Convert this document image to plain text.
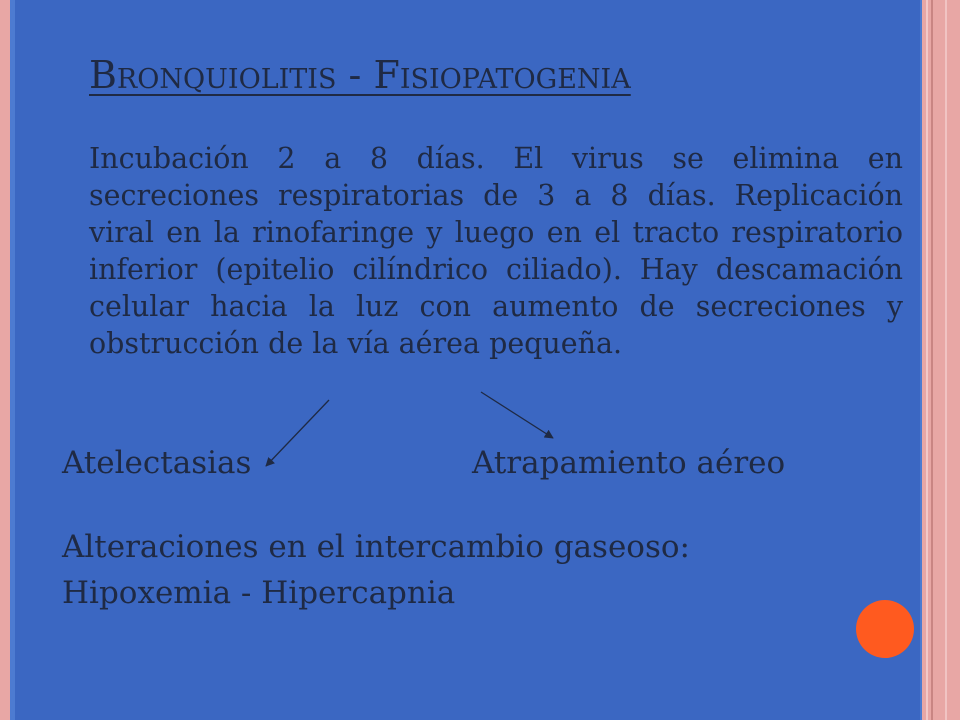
Bronquiolitis - Fisiopatogenia
Incubación 2 a 8 días. El virus se elimina en secreciones respiratorias de 3 a 8 días. Replicación viral en la rinofaringe y luego en el tracto respiratorio inferior (epitelio cilíndrico ciliado). Hay descamación celular hacia la luz con aumento de secreciones y obstrucción de la vía aérea pequeña.
Atelectasias	Atrapamiento aéreo
Alteraciones en el intercambio gaseoso:
Hipoxemia - Hipercapnia
